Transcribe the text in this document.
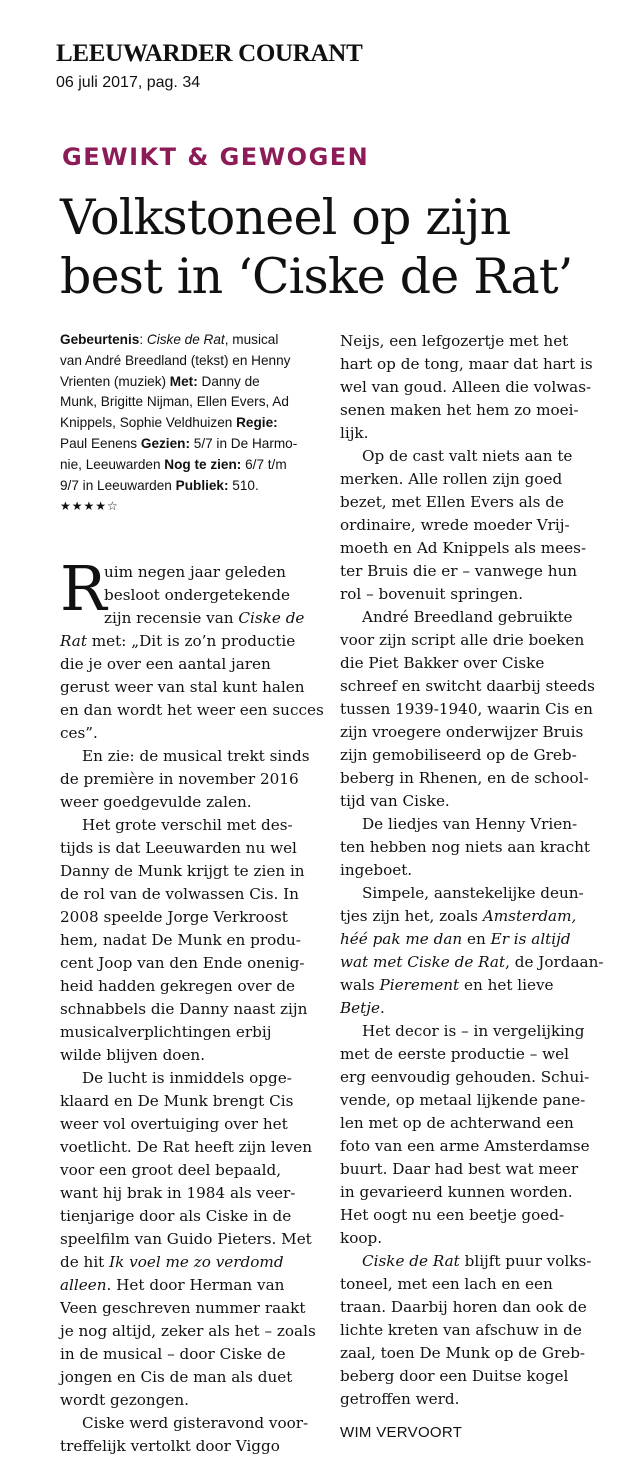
LEEUWARDER COURANT
06 juli 2017, pag. 34
GEWIKT & GEWOGEN
Volkstoneel op zijn
best in ‘Ciske de Rat’
Gebeurtenis: Ciske de Rat, musical
van André Breedland (tekst) en Henny
Vrienten (muziek) Met: Danny de
Munk, Brigitte Nijman, Ellen Evers, Ad
Knippels, Sophie Veldhuizen Regie:
Paul Eenens Gezien: 5/7 in De Harmo-
nie, Leeuwarden Nog te zien: 6/7 t/m
9/7 in Leeuwarden Publiek: 510.
★★★★☆
R
uim negen jaar geleden
besloot ondergetekende
zijn recensie van Ciske de
Rat met: „Dit is zo’n productie
die je over een aantal jaren
gerust weer van stal kunt halen
en dan wordt het weer een succes
ces”.
En zie: de musical trekt sinds
de première in november 2016
weer goedgevulde zalen.
Het grote verschil met des-
tijds is dat Leeuwarden nu wel
Danny de Munk krijgt te zien in
de rol van de volwassen Cis. In
2008 speelde Jorge Verkroost
hem, nadat De Munk en produ-
cent Joop van den Ende onenig-
heid hadden gekregen over de
schnabbels die Danny naast zijn
musicalverplichtingen erbij
wilde blijven doen.
De lucht is inmiddels opge-
klaard en De Munk brengt Cis
weer vol overtuiging over het
voetlicht. De Rat heeft zijn leven
voor een groot deel bepaald,
want hij brak in 1984 als veer-
tienjarige door als Ciske in de
speelfilm van Guido Pieters. Met
de hit Ik voel me zo verdomd
alleen. Het door Herman van
Veen geschreven nummer raakt
je nog altijd, zeker als het – zoals
in de musical – door Ciske de
jongen en Cis de man als duet
wordt gezongen.
Ciske werd gisteravond voor-
treffelijk vertolkt door Viggo
Neijs, een lefgozertje met het
hart op de tong, maar dat hart is
wel van goud. Alleen die volwas-
senen maken het hem zo moei-
lijk.
Op de cast valt niets aan te
merken. Alle rollen zijn goed
bezet, met Ellen Evers als de
ordinaire, wrede moeder Vrij-
moeth en Ad Knippels als mees-
ter Bruis die er – vanwege hun
rol – bovenuit springen.
André Breedland gebruikte
voor zijn script alle drie boeken
die Piet Bakker over Ciske
schreef en switcht daarbij steeds
tussen 1939-1940, waarin Cis en
zijn vroegere onderwijzer Bruis
zijn gemobiliseerd op de Greb-
beberg in Rhenen, en de school-
tijd van Ciske.
De liedjes van Henny Vrien-
ten hebben nog niets aan kracht
ingeboet.
Simpele, aanstekelijke deun-
tjes zijn het, zoals Amsterdam,
héé pak me dan en Er is altijd
wat met Ciske de Rat, de Jordaan-
wals Pierement en het lieve
Betje.
Het decor is – in vergelijking
met de eerste productie – wel
erg eenvoudig gehouden. Schui-
vende, op metaal lijkende pane-
len met op de achterwand een
foto van een arme Amsterdamse
buurt. Daar had best wat meer
in gevarieerd kunnen worden.
Het oogt nu een beetje goed-
koop.
Ciske de Rat blijft puur volks-
toneel, met een lach en een
traan. Daarbij horen dan ook de
lichte kreten van afschuw in de
zaal, toen De Munk op de Greb-
beberg door een Duitse kogel
getroffen werd.
WIM VERVOORT
